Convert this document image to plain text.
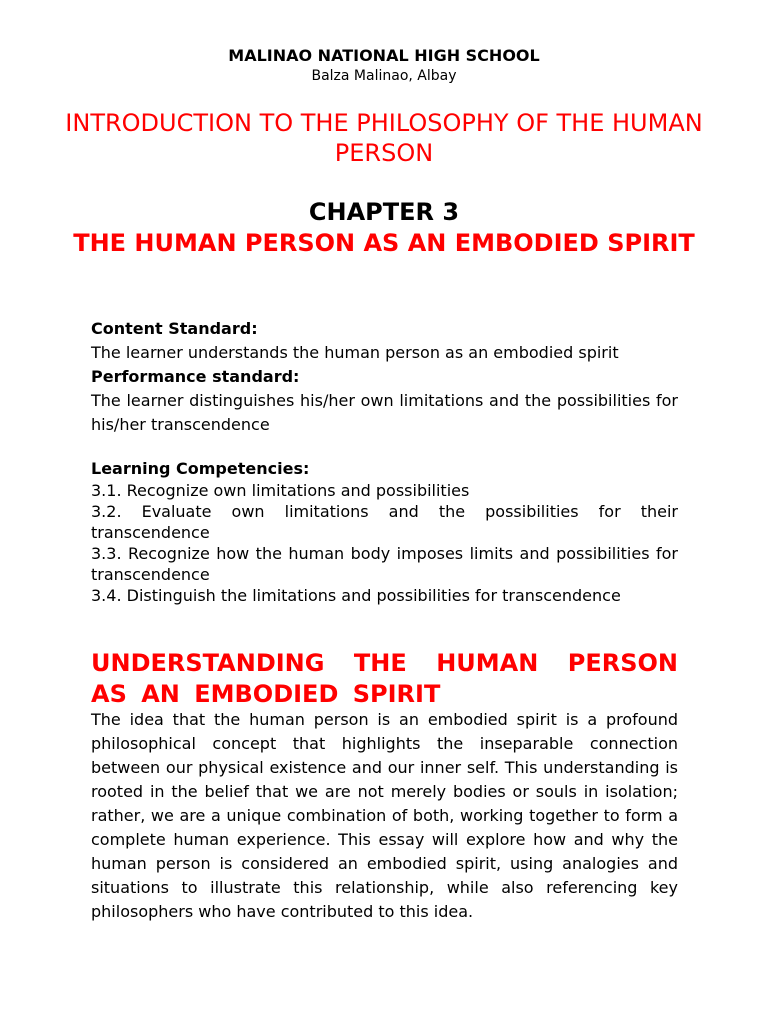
MALINAO NATIONAL HIGH SCHOOL
Balza Malinao, Albay
INTRODUCTION TO THE PHILOSOPHY OF THE HUMAN PERSON
CHAPTER 3
THE HUMAN PERSON AS AN EMBODIED SPIRIT

Content Standard:

The learner understands the human person as an embodied spirit

Performance standard:

The learner distinguishes his/her own limitations and the possibilities for his/her transcendence

Learning Competencies:

3.1. Recognize own limitations and possibilities
3.2. Evaluate own limitations and the possibilities for their transcendence
3.3. Recognize how the human body imposes limits and possibilities for transcendence
3.4. Distinguish the limitations and possibilities for transcendence
UNDERSTANDING THE HUMAN PERSON AS AN EMBODIED SPIRIT

The idea that the human person is an embodied spirit is a profound philosophical concept that highlights the inseparable connection between our physical existence and our inner self. This understanding is rooted in the belief that we are not merely bodies or souls in isolation; rather, we are a unique combination of both, working together to form a complete human experience. This essay will explore how and why the human person is considered an embodied spirit, using analogies and situations to illustrate this relationship, while also referencing key philosophers who have contributed to this idea.
